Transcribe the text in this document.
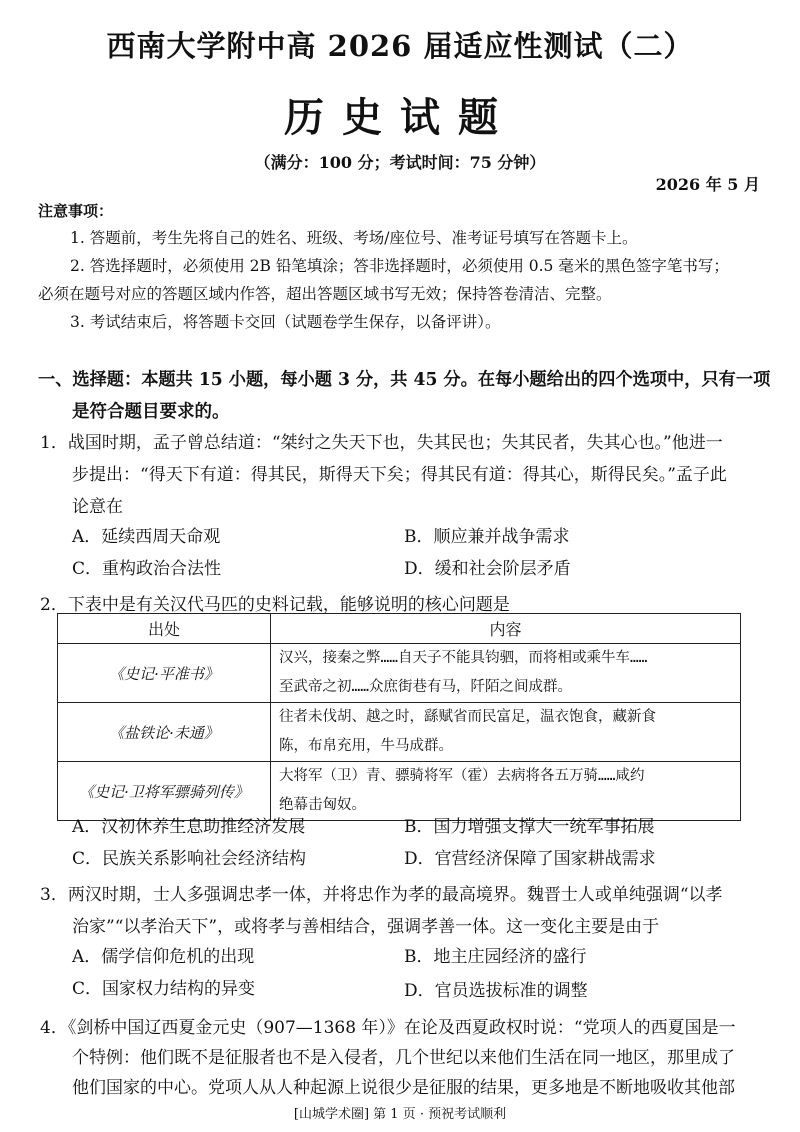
西南大学附中高 2026 届适应性测试（二）
历史试题
（满分：100 分；考试时间：75 分钟）
2026 年 5 月
注意事项：
1. 答题前，考生先将自己的姓名、班级、考场/座位号、准考证号填写在答题卡上。
2. 答选择题时，必须使用 2B 铅笔填涂；答非选择题时，必须使用 0.5 毫米的黑色签字笔书写；
必须在题号对应的答题区域内作答，超出答题区域书写无效；保持答卷清洁、完整。
3. 考试结束后，将答题卡交回（试题卷学生保存，以备评讲）。
一、选择题：本题共 15 小题，每小题 3 分，共 45 分。在每小题给出的四个选项中，只有一项
是符合题目要求的。
1．战国时期，孟子曾总结道：“桀纣之失天下也，失其民也；失其民者，失其心也。”他进一
步提出：“得天下有道：得其民，斯得天下矣；得其民有道：得其心，斯得民矣。”孟子此
论意在
A．延续西周天命观	B．顺应兼并战争需求
C．重构政治合法性	D．缓和社会阶层矛盾
2．下表中是有关汉代马匹的史料记载，能够说明的核心问题是
出处	内容
《史记·平准书》	汉兴，接秦之弊……自天子不能具钧驷，而将相或乘牛车……
至武帝之初……众庶街巷有马，阡陌之间成群。

《盐铁论·未通》	往者未伐胡、越之时，繇赋省而民富足，温衣饱食，藏新食
陈，布帛充用，牛马成群。

《史记·卫将军骠骑列传》	大将军（卫）青、骠骑将军（霍）去病将各五万骑……咸约
绝幕击匈奴。
A．汉初休养生息助推经济发展	B．国力增强支撑大一统军事拓展
C．民族关系影响社会经济结构	D．官营经济保障了国家耕战需求
3．两汉时期，士人多强调忠孝一体，并将忠作为孝的最高境界。魏晋士人或单纯强调“以孝
治家”“以孝治天下”，或将孝与善相结合，强调孝善一体。这一变化主要是由于
A．儒学信仰危机的出现	B．地主庄园经济的盛行
C．国家权力结构的异变	D．官员选拔标准的调整
4．《剑桥中国辽西夏金元史（907—1368 年）》在论及西夏政权时说：“党项人的西夏国是一
个特例：他们既不是征服者也不是入侵者，几个世纪以来他们生活在同一地区，那里成了
他们国家的中心。党项人从人种起源上说很少是征服的结果，更多地是不断地吸收其他部
[山城学术圈] 第 1 页 · 预祝考试顺利
